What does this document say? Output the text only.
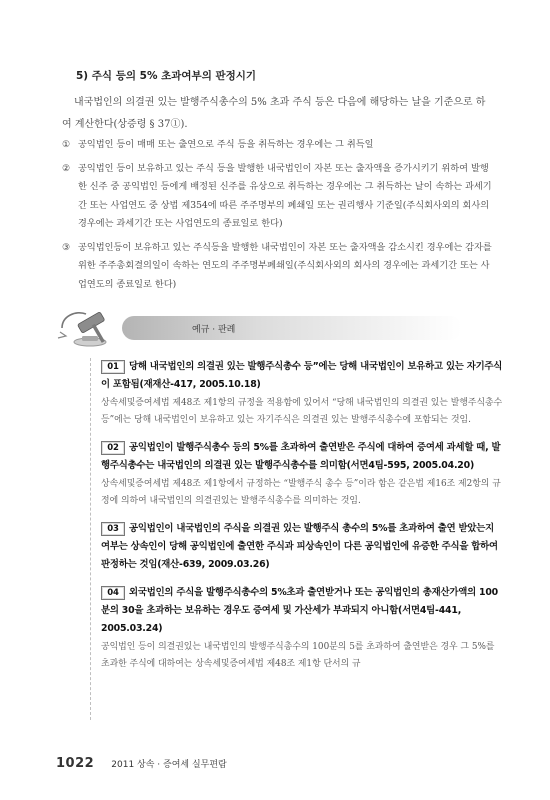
5) 주식 등의 5% 초과여부의 판정시기
내국법인의 의결권 있는 발행주식총수의 5% 초과 주식 등은 다음에 해당하는 날을 기준으로 하여 계산한다(상증령 § 37①).
① 공익법인 등이 매매 또는 출연으로 주식 등을 취득하는 경우에는 그 취득일
② 공익법인 등이 보유하고 있는 주식 등을 발행한 내국법인이 자본 또는 출자액을 증가시키기 위하여 발행한 신주 중 공익법인 등에게 배정된 신주를 유상으로 취득하는 경우에는 그 취득하는 날이 속하는 과세기간 또는 사업연도 중 상법 제354에 따른 주주명부의 폐쇄일 또는 권리행사 기준일(주식회사외의 회사의 경우에는 과세기간 또는 사업연도의 종료일로 한다)
③ 공익법인등이 보유하고 있는 주식등을 발행한 내국법인이 자본 또는 출자액을 감소시킨 경우에는 감자를 위한 주주총회결의일이 속하는 연도의 주주명부폐쇄일(주식회사외의 회사의 경우에는 과세기간 또는 사업연도의 종료일로 한다)
예규 · 판례
01 당해 내국법인의 의결권 있는 발행주식총수 등”에는 당해 내국법인이 보유하고 있는 자기주식이 포함됨(재재산-417, 2005.10.18)
상속세및증여세법 제48조 제1항의 규정을 적용함에 있어서 “당해 내국법인의 의결권 있는 발행주식총수 등”에는 당해 내국법인이 보유하고 있는 자기주식은 의결권 있는 발행주식총수에 포함되는 것임.
02 공익법인이 발행주식총수 등의 5%를 초과하여 출연받은 주식에 대하여 증여세 과세할 때, 발행주식총수는 내국법인의 의결권 있는 발행주식총수를 의미함(서면4팀-595, 2005.04.20)
상속세및증여세법 제48조 제1항에서 규정하는 “발행주식 총수 등”이라 함은 같은법 제16조 제2항의 규정에 의하여 내국법인의 의결권있는 발행주식총수를 의미하는 것임.
03 공익법인이 내국법인의 주식을 의결권 있는 발행주식 총수의 5%를 초과하여 출연 받았는지 여부는 상속인이 당해 공익법인에 출연한 주식과 피상속인이 다른 공익법인에 유증한 주식을 합하여 판정하는 것임(재산-639, 2009.03.26)
04 외국법인의 주식을 발행주식총수의 5%초과 출연받거나 또는 공익법인의 총재산가액의 100분의 30을 초과하는 보유하는 경우도 증여세 및 가산세가 부과되지 아니함(서면4팀-441, 2005.03.24)
공익법인 등이 의결권있는 내국법인의 발행주식총수의 100분의 5를 초과하여 출연받은 경우 그 5%를 초과한 주식에 대하여는 상속세및증여세법 제48조 제1항 단서의 규
1022 2011 상속 · 증여세 실무편람
